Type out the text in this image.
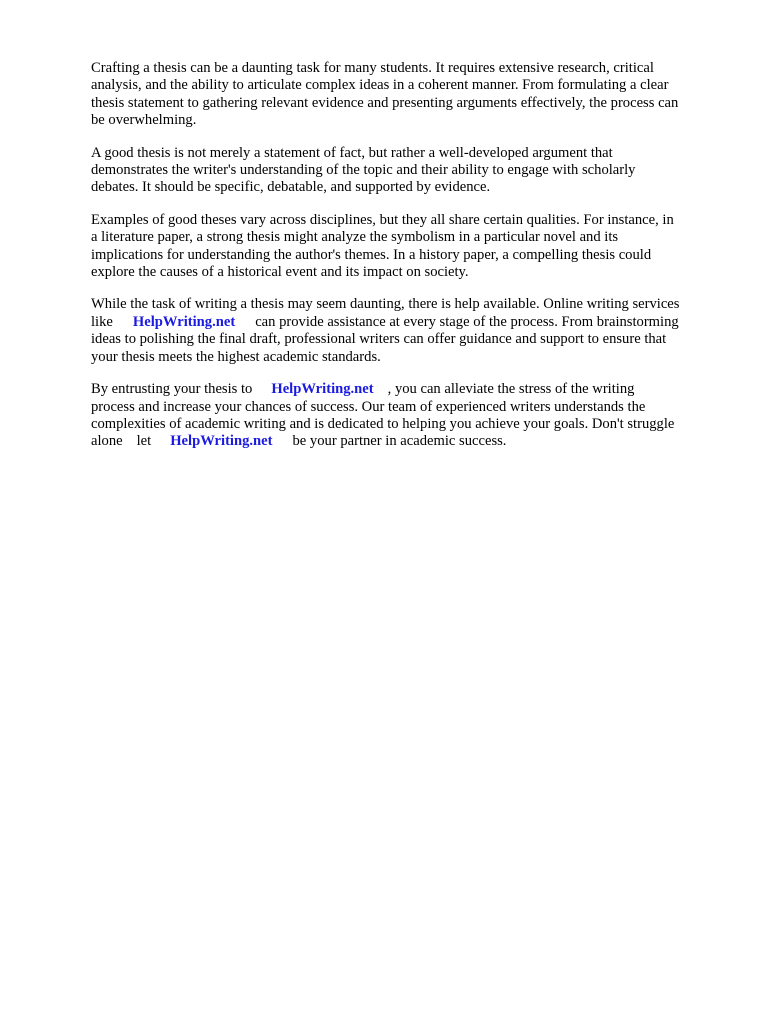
Crafting a thesis can be a daunting task for many students. It requires extensive research, critical
analysis, and the ability to articulate complex ideas in a coherent manner. From formulating a clear
thesis statement to gathering relevant evidence and presenting arguments effectively, the process can
be overwhelming.

A good thesis is not merely a statement of fact, but rather a well-developed argument that
demonstrates the writer's understanding of the topic and their ability to engage with scholarly
debates. It should be specific, debatable, and supported by evidence.

Examples of good theses vary across disciplines, but they all share certain qualities. For instance, in
a literature paper, a strong thesis might analyze the symbolism in a particular novel and its
implications for understanding the author's themes. In a history paper, a compelling thesis could
explore the causes of a historical event and its impact on society.

While the task of writing a thesis may seem daunting, there is help available. Online writing services
like HelpWriting.net can provide assistance at every stage of the process. From brainstorming
ideas to polishing the final draft, professional writers can offer guidance and support to ensure that
your thesis meets the highest academic standards.

By entrusting your thesis to HelpWriting.net , you can alleviate the stress of the writing
process and increase your chances of success. Our team of experienced writers understands the
complexities of academic writing and is dedicated to helping you achieve your goals. Don't struggle
alone let HelpWriting.net be your partner in academic success.
